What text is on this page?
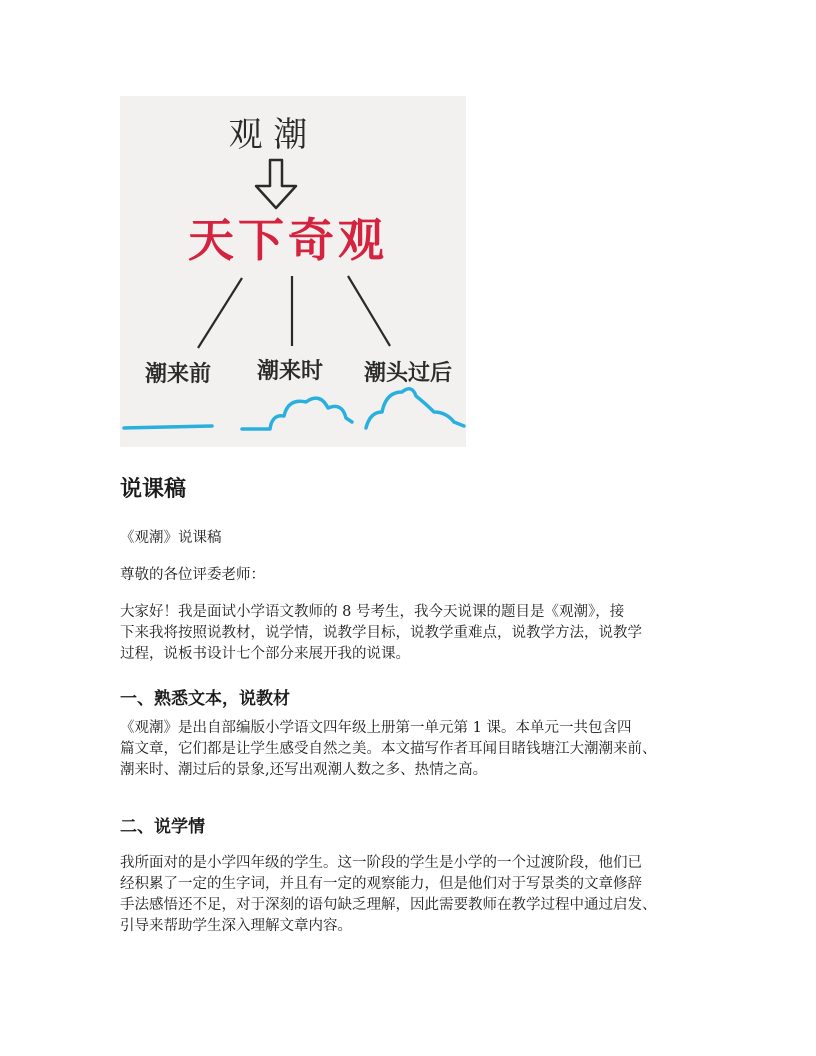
观 潮
天下奇观
潮来前 潮来时 潮头过后
说课稿

《观潮》说课稿

尊敬的各位评委老师：

大家好！我是面试小学语文教师的 8 号考生，我今天说课的题目是《观潮》，接

下来我将按照说教材，说学情，说教学目标，说教学重难点，说教学方法，说教学

过程，说板书设计七个部分来展开我的说课。

一、熟悉文本，说教材

《观潮》是出自部编版小学语文四年级上册第一单元第 1 课。本单元一共包含四

篇文章，它们都是让学生感受自然之美。本文描写作者耳闻目睹钱塘江大潮潮来前、

潮来时、潮过后的景象,还写出观潮人数之多、热情之高。

二、说学情

我所面对的是小学四年级的学生。这一阶段的学生是小学的一个过渡阶段，他们已

经积累了一定的生字词，并且有一定的观察能力，但是他们对于写景类的文章修辞

手法感悟还不足，对于深刻的语句缺乏理解，因此需要教师在教学过程中通过启发、

引导来帮助学生深入理解文章内容。
